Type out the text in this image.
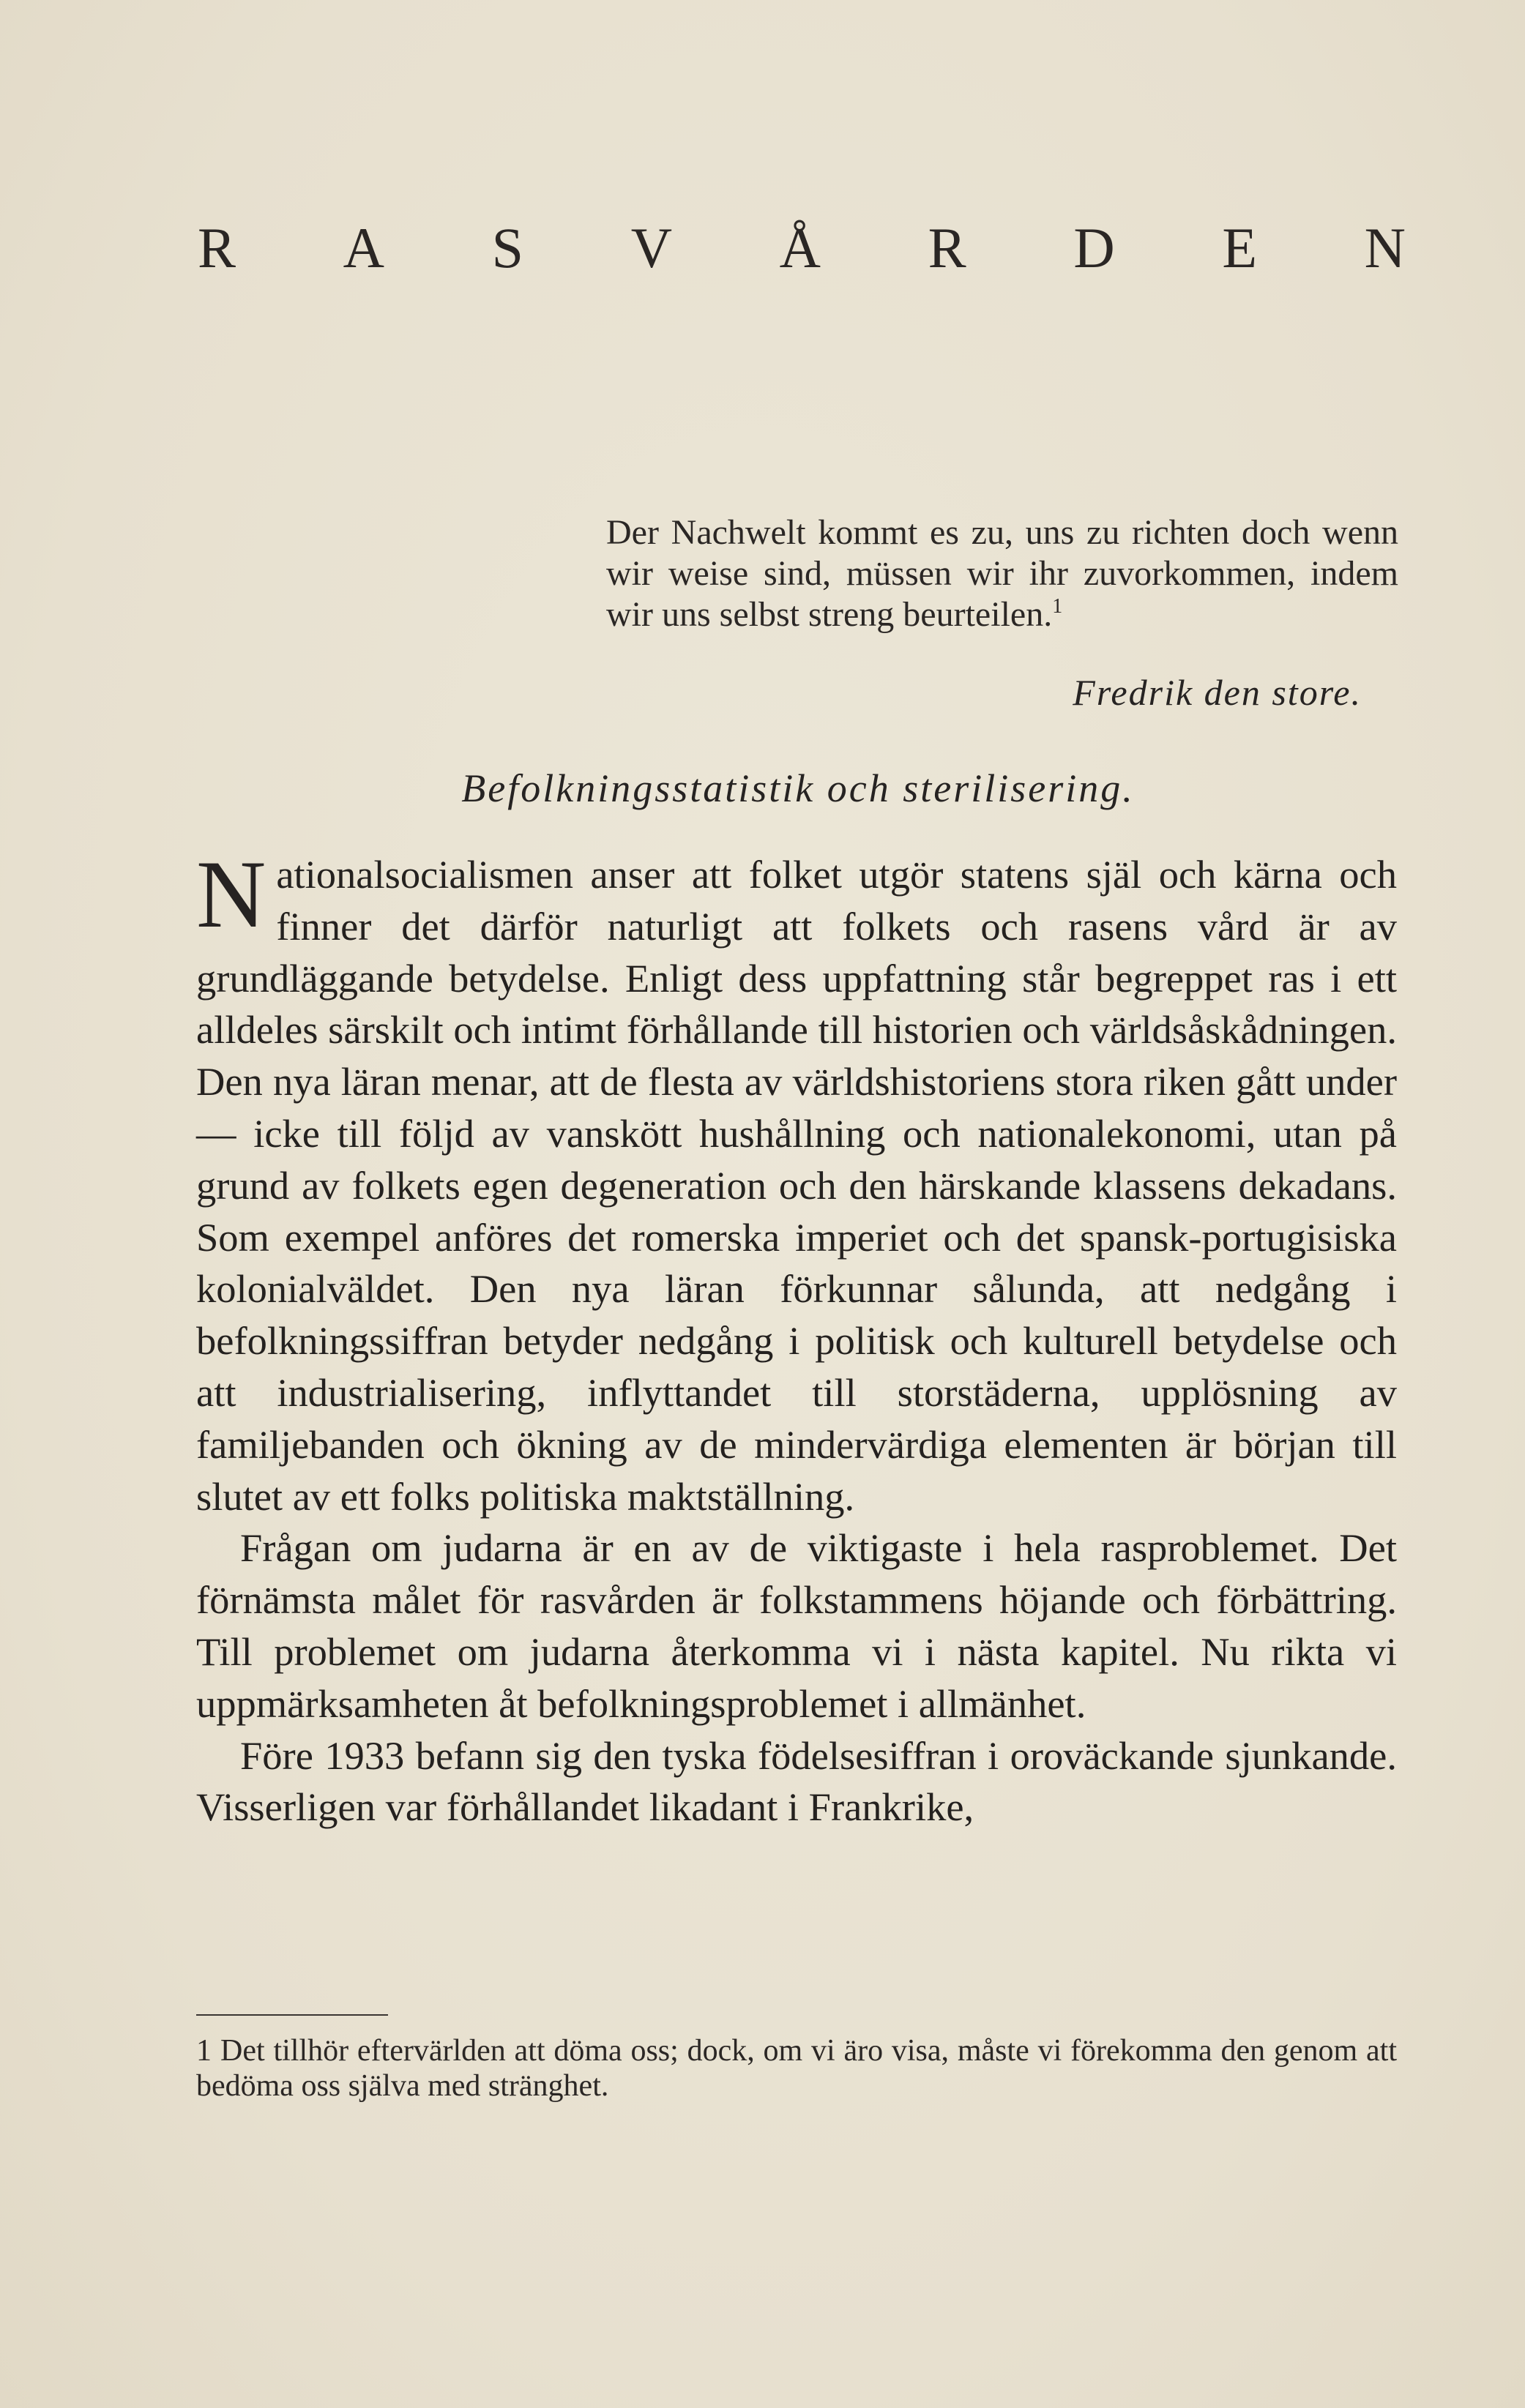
R A S V Å R D E N
Der Nachwelt kommt es zu, uns zu richten doch wenn wir weise sind, müssen wir ihr zuvorkommen, indem wir uns selbst streng beurteilen.$^1$
Fredrik den store.
Befolkningsstatistik och sterilisering.

Nationalsocialismen anser att folket utgör statens själ och kärna och finner det därför naturligt att folkets och rasens vård är av grundläggande betydelse. Enligt dess uppfattning står begreppet ras i ett alldeles särskilt och intimt förhållande till historien och världsåskådningen. Den nya läran menar, att de flesta av världshistoriens stora riken gått under — icke till följd av vanskött hushållning och nationalekonomi, utan på grund av folkets egen degeneration och den härskande klassens dekadans. Som exempel anföres det romerska imperiet och det spansk-portugisiska kolonialväldet. Den nya läran förkunnar sålunda, att nedgång i befolkningssiffran betyder nedgång i politisk och kulturell betydelse och att industrialisering, inflyttandet till storstäderna, upplösning av familjebanden och ökning av de mindervärdiga elementen är början till slutet av ett folks politiska maktställning.

Frågan om judarna är en av de viktigaste i hela rasproblemet. Det förnämsta målet för rasvården är folkstammens höjande och förbättring. Till problemet om judarna återkomma vi i nästa kapitel. Nu rikta vi uppmärksamheten åt befolkningsproblemet i allmänhet.

Före 1933 befann sig den tyska födelsesiffran i oroväckande sjunkande. Visserligen var förhållandet likadant i Frankrike,

1 Det tillhör eftervärlden att döma oss; dock, om vi äro visa, måste vi förekomma den genom att bedöma oss själva med stränghet.
